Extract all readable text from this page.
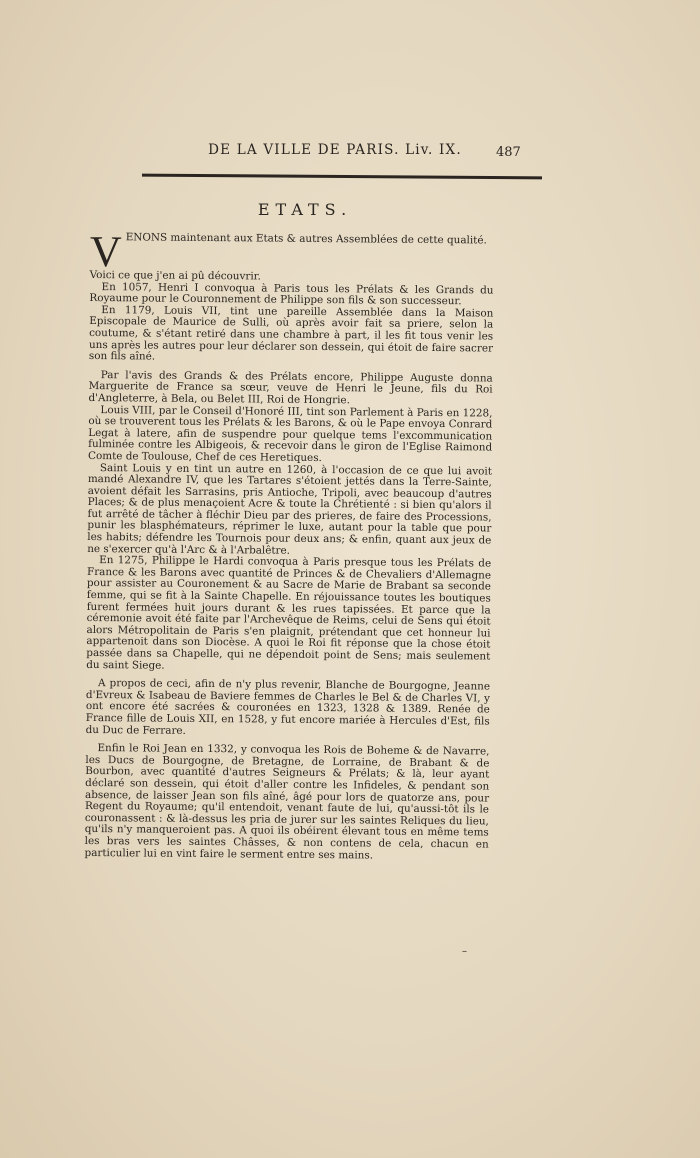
DE LA VILLE DE PARIS. Liv. IX.	487
ETATS.

VENONS maintenant aux Etats & autres Assemblées de cette qualité.

Voici ce que j'en ai pû découvrir.

En 1057, Henri I convoqua à Paris tous les Prélats & les Grands du Royaume pour le Couronnement de Philippe son fils & son successeur.

En 1179, Louis VII, tint une pareille Assemblée dans la Maison Episcopale de Maurice de Sulli, où après avoir fait sa priere, selon la coutume, & s'étant retiré dans une chambre à part, il les fit tous venir les uns après les autres pour leur déclarer son dessein, qui étoit de faire sacrer son fils aîné.

Par l'avis des Grands & des Prélats encore, Philippe Auguste donna Marguerite de France sa sœur, veuve de Henri le Jeune, fils du Roi d'Angleterre, à Bela, ou Belet III, Roi de Hongrie.

Louis VIII, par le Conseil d'Honoré III, tint son Parlement à Paris en 1228, où se trouverent tous les Prélats & les Barons, & où le Pape envoya Conrard Legat à latere, afin de suspendre pour quelque tems l'excommunication fulminée contre les Albigeois, & recevoir dans le giron de l'Eglise Raimond Comte de Toulouse, Chef de ces Heretiques.

Saint Louis y en tint un autre en 1260, à l'occasion de ce que lui avoit mandé Alexandre IV, que les Tartares s'étoient jettés dans la Terre-Sainte, avoient défait les Sarrasins, pris Antioche, Tripoli, avec beaucoup d'autres Places; & de plus menaçoient Acre & toute la Chrétienté : si bien qu'alors il fut arrêté de tâcher à fléchir Dieu par des prieres, de faire des Processions, punir les blasphémateurs, réprimer le luxe, autant pour la table que pour les habits; défendre les Tournois pour deux ans; & enfin, quant aux jeux de ne s'exercer qu'à l'Arc & à l'Arbalêtre.

En 1275, Philippe le Hardi convoqua à Paris presque tous les Prélats de France & les Barons avec quantité de Princes & de Chevaliers d'Allemagne pour assister au Couronement & au Sacre de Marie de Brabant sa seconde femme, qui se fit à la Sainte Chapelle. En réjouissance toutes les boutiques furent fermées huit jours durant & les rues tapissées. Et parce que la céremonie avoit été faite par l'Archevêque de Reims, celui de Sens qui étoit alors Métropolitain de Paris s'en plaignit, prétendant que cet honneur lui appartenoit dans son Diocèse. A quoi le Roi fit réponse que la chose étoit passée dans sa Chapelle, qui ne dépendoit point de Sens; mais seulement du saint Siege.

A propos de ceci, afin de n'y plus revenir, Blanche de Bourgogne, Jeanne d'Evreux & Isabeau de Baviere femmes de Charles le Bel & de Charles VI, y ont encore été sacrées & couronées en 1323, 1328 & 1389. Renée de France fille de Louis XII, en 1528, y fut encore mariée à Hercules d'Est, fils du Duc de Ferrare.

Enfin le Roi Jean en 1332, y convoqua les Rois de Boheme & de Navarre, les Ducs de Bourgogne, de Bretagne, de Lorraine, de Brabant & de Bourbon, avec quantité d'autres Seigneurs & Prélats; & là, leur ayant déclaré son dessein, qui étoit d'aller contre les Infideles, & pendant son absence, de laisser Jean son fils aîné, âgé pour lors de quatorze ans, pour Regent du Royaume; qu'il entendoit, venant faute de lui, qu'aussi-tôt ils le couronassent : & là-dessus les pria de jurer sur les saintes Reliques du lieu, qu'ils n'y manqueroient pas. A quoi ils obéirent élevant tous en même tems les bras vers les saintes Châsses, & non contens de cela, chacun en particulier lui en vint faire le serment entre ses mains.

–
